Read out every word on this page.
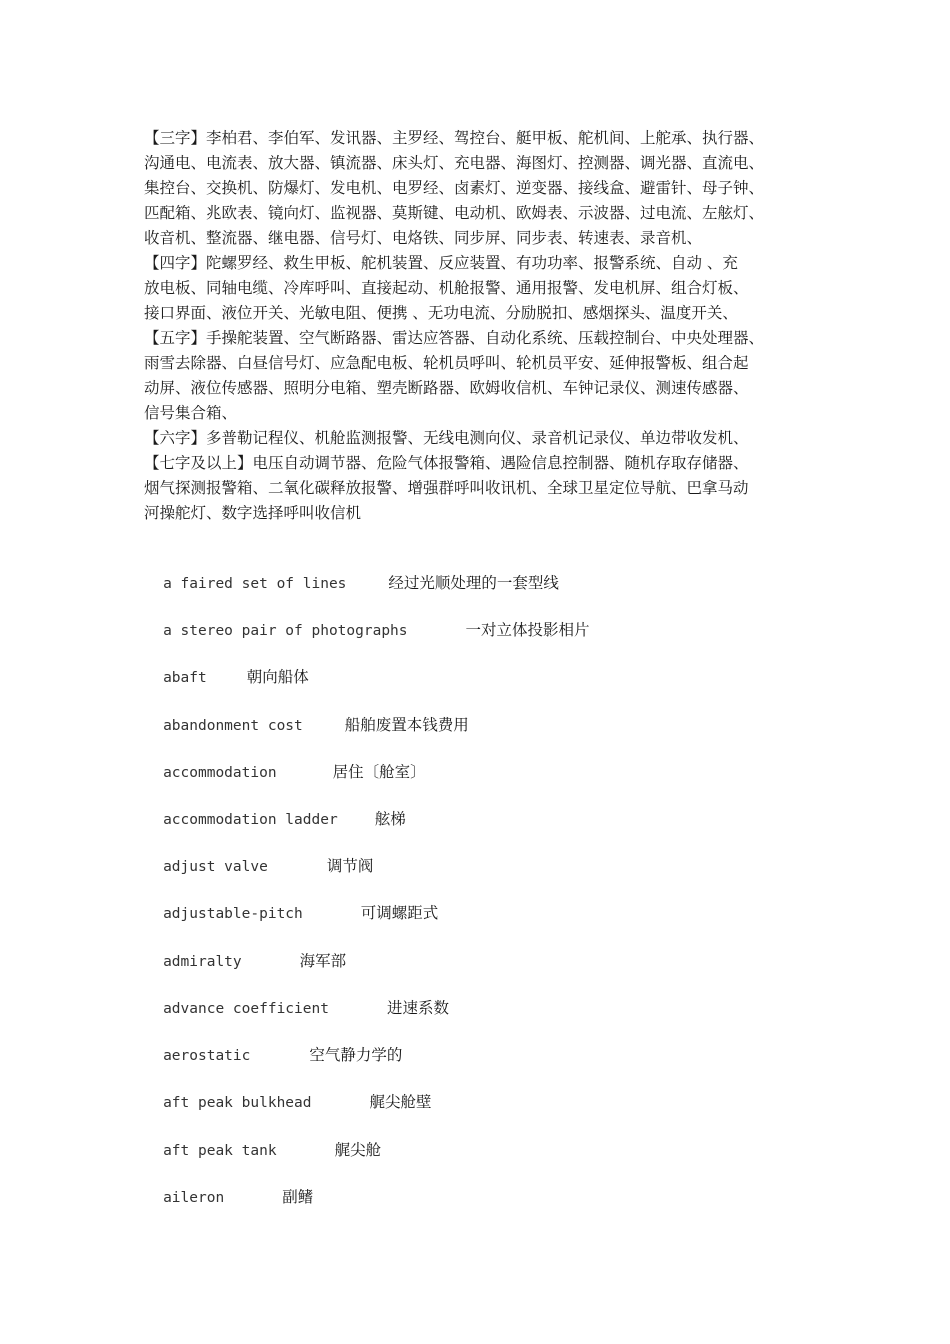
【三字】李柏君、李伯军、发讯器、主罗经、驾控台、艇甲板、舵机间、上舵承、执行器、
沟通电、电流表、放大器、镇流器、床头灯、充电器、海图灯、控测器、调光器、直流电、
集控台、交换机、防爆灯、发电机、电罗经、卤素灯、逆变器、接线盒、避雷针、母子钟、
匹配箱、兆欧表、镜向灯、监视器、莫斯键、电动机、欧姆表、示波器、过电流、左舷灯、
收音机、整流器、继电器、信号灯、电烙铁、同步屏、同步表、转速表、录音机、
【四字】陀螺罗经、救生甲板、舵机装置、反应装置、有功功率、报警系统、自动 、充
放电板、同轴电缆、冷库呼叫、直接起动、机舱报警、通用报警、发电机屏、组合灯板、
接口界面、液位开关、光敏电阻、便携 、无功电流、分励脱扣、感烟探头、温度开关、
【五字】手操舵装置、空气断路器、雷达应答器、自动化系统、压载控制台、中央处理器、
雨雪去除器、白昼信号灯、应急配电板、轮机员呼叫、轮机员平安、延伸报警板、组合起
动屏、液位传感器、照明分电箱、塑壳断路器、欧姆收信机、车钟记录仪、测速传感器、
信号集合箱、
【六字】多普勒记程仪、机舱监测报警、无线电测向仪、录音机记录仪、单边带收发机、
【七字及以上】电压自动调节器、危险气体报警箱、遇险信息控制器、随机存取存储器、
烟气探测报警箱、二氧化碳释放报警、增强群呼叫收讯机、全球卫星定位导航、巴拿马动
河操舵灯、数字选择呼叫收信机

a faired set of lines	经过光顺处理的一套型线

a stereo pair of photographs	一对立体投影相片

abaft	朝向船体

abandonment cost	船舶废置本钱费用

accommodation	居住〔舱室〕

accommodation ladder 舷梯

adjust valve	调节阀

adjustable-pitch	可调螺距式

admiralty	海军部

advance coefficient	进速系数

aerostatic	空气静力学的

aft peak bulkhead	艉尖舱壁

aft peak tank	艉尖舱

aileron	副鳍
